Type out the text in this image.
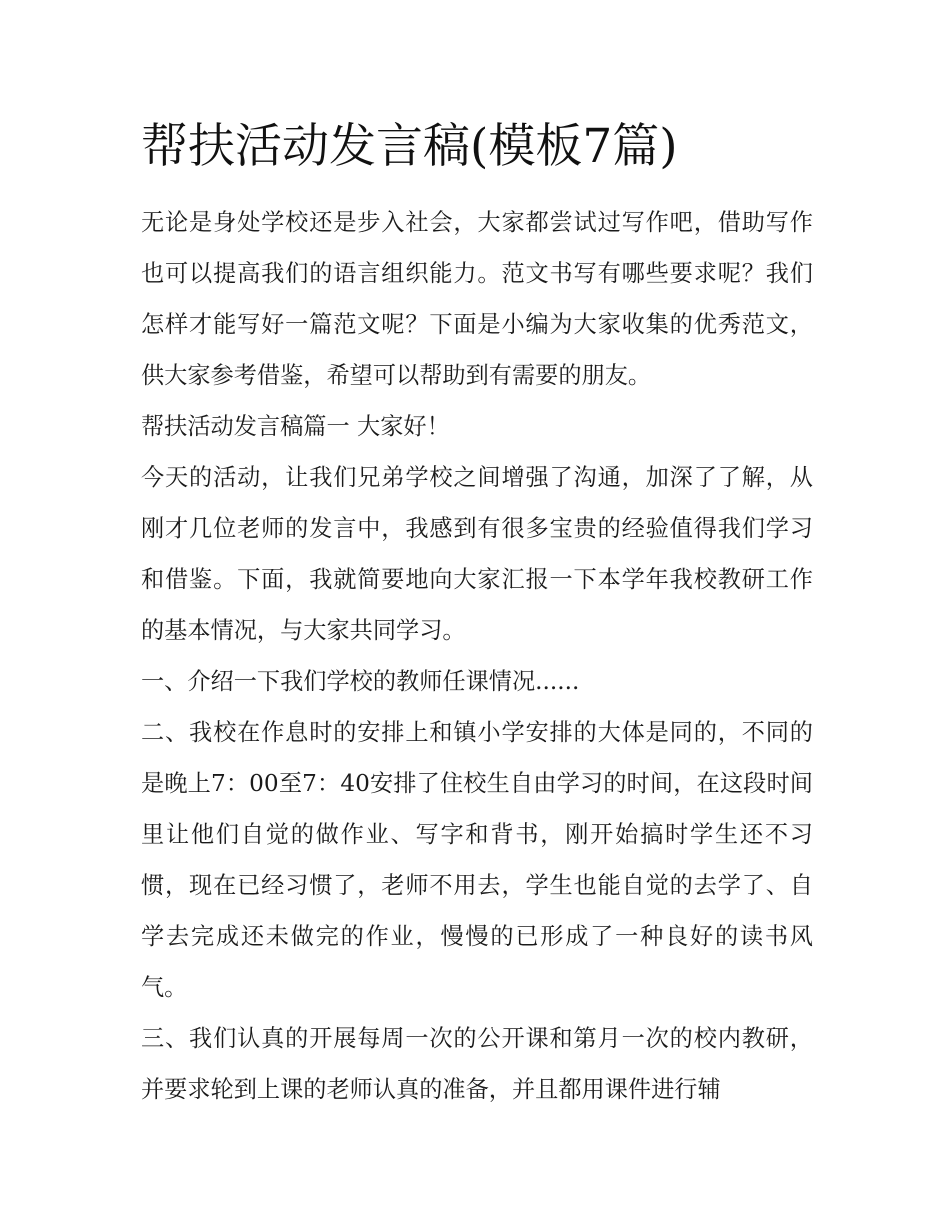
帮扶活动发言稿(模板7篇)

无论是身处学校还是步入社会，大家都尝试过写作吧，借助写作也可以提高我们的语言组织能力。范文书写有哪些要求呢？我们怎样才能写好一篇范文呢？下面是小编为大家收集的优秀范文，供大家参考借鉴，希望可以帮助到有需要的朋友。

帮扶活动发言稿篇一 大家好！

今天的活动，让我们兄弟学校之间增强了沟通，加深了了解，从刚才几位老师的发言中，我感到有很多宝贵的经验值得我们学习和借鉴。下面，我就简要地向大家汇报一下本学年我校教研工作的基本情况，与大家共同学习。

一、介绍一下我们学校的教师任课情况......

二、我校在作息时的安排上和镇小学安排的大体是同的，不同的是晚上7：00至7：40安排了住校生自由学习的时间，在这段时间里让他们自觉的做作业、写字和背书，刚开始搞时学生还不习惯，现在已经习惯了，老师不用去，学生也能自觉的去学了、自学去完成还未做完的作业，慢慢的已形成了一种良好的读书风气。

三、我们认真的开展每周一次的公开课和第月一次的校内教研，并要求轮到上课的老师认真的准备，并且都用课件进行辅
